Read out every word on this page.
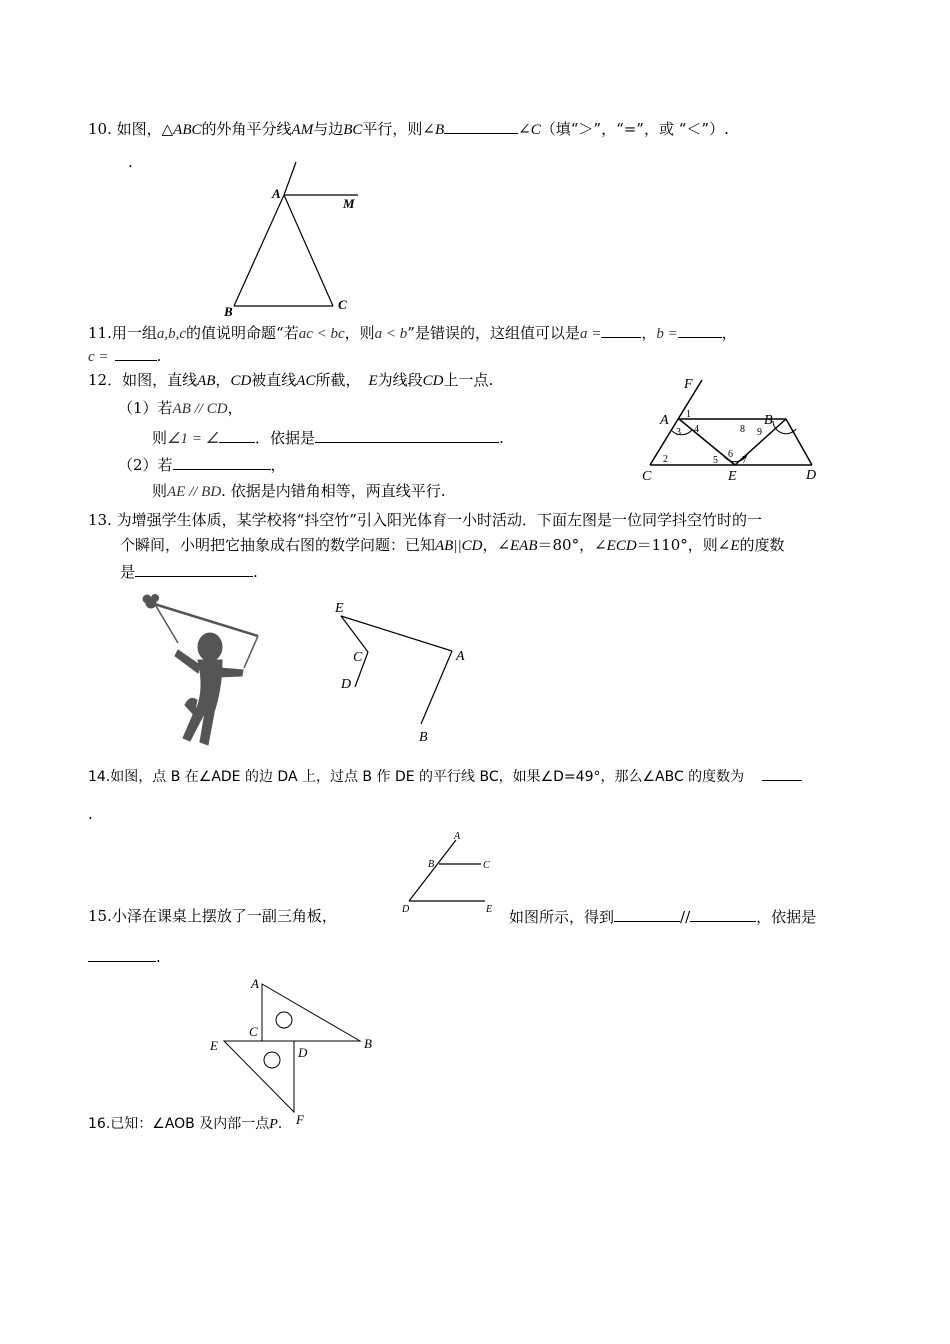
10. 如图，△ABC的外角平分线AM与边BC平行，则∠B	∠C（填“＞”，“=”，或 “＜”）.
.
A
M
B	C
11.用一组a,b,c的值说明命题“若ac < bc，则a < b”是错误的，这组值可以是a =	，b =	，
c =	.
12．如图，直线AB，CD被直线AC所截， E为线段CD上一点.
（1）若AB // CD，
则∠1 = ∠ ．依据是	.
（2）若	，
则AE // BD. 依据是内错角相等，两直线平行.
F
A	B
C	E	D
1
2
3 4
5
6
7
8 9
13. 为增强学生体质，某学校将“抖空竹”引入阳光体育一小时活动．下面左图是一位同学抖空竹时的一
个瞬间，小明把它抽象成右图的数学问题：已知AB||CD，∠EAB＝80°，∠ECD＝110°，则∠E的度数
是	.
E
C
D
A
B
14.如图，点 B 在∠ADE 的边 DA 上，过点 B 作 DE 的平行线 BC，如果∠D=49°，那么∠ABC 的度数为
.
A
B	C
D	E
15.小泽在课桌上摆放了一副三角板，	如图所示，得到	//	，依据是
.
A
C
B
E	D
F
16.已知：∠AOB 及内部一点P.
